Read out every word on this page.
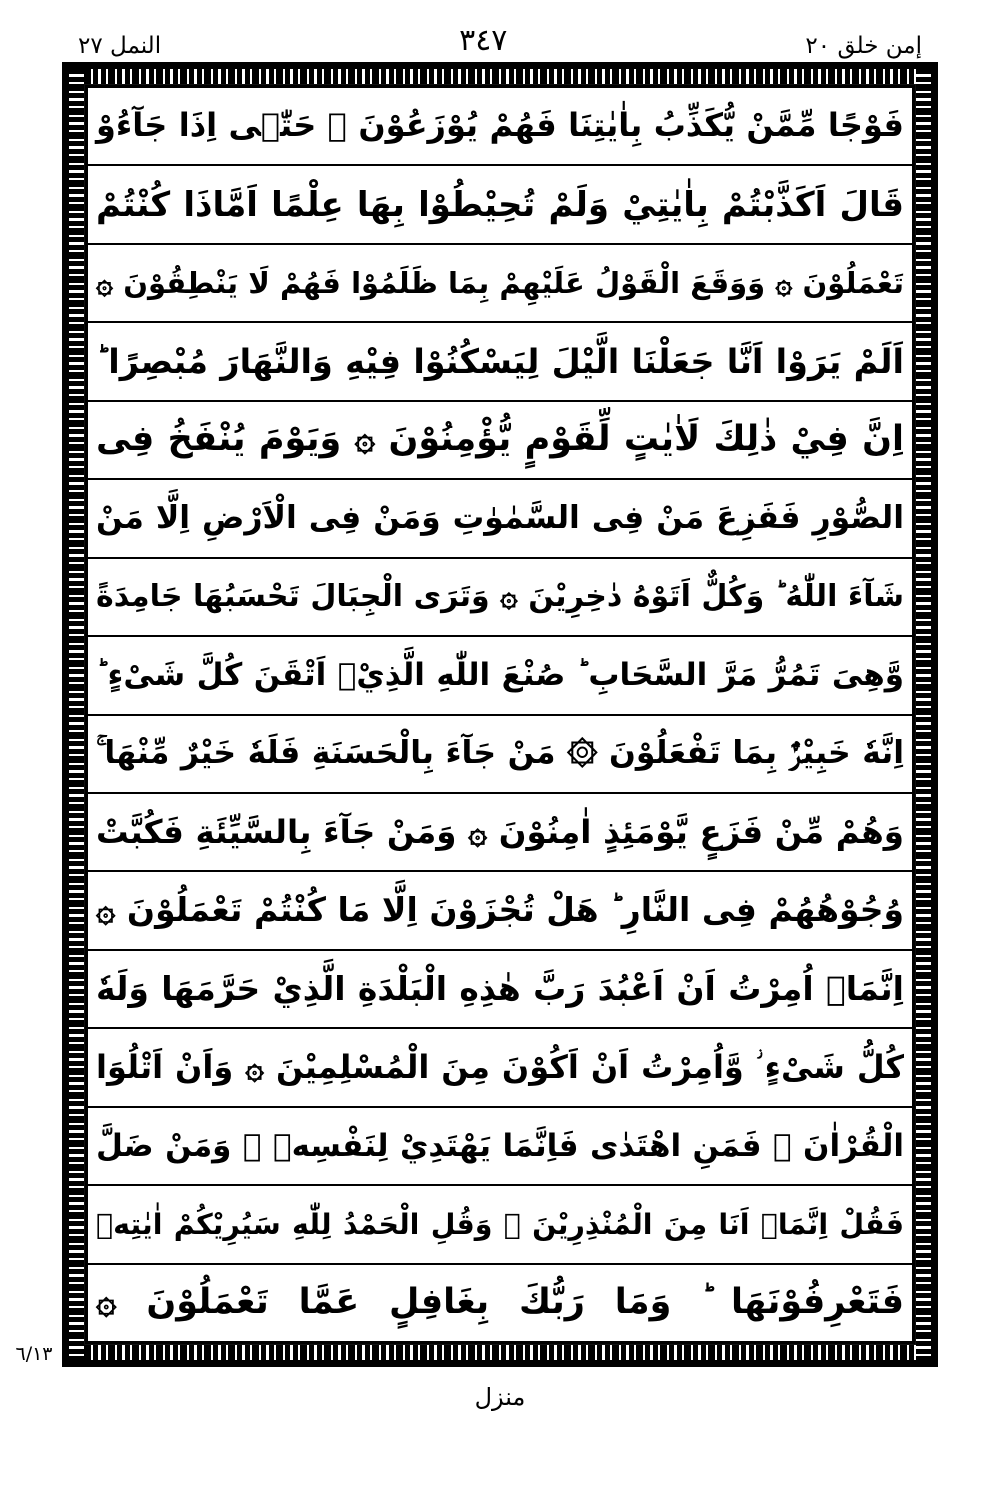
النمل ٢٧	٣٤٧	إمن خلق ٢٠
فَوْجًا مِّمَّنْ يُّكَذِّبُ بِاٰيٰتِنَا فَهُمْ يُوْزَعُوْنَ ۞ حَتّٰۤى اِذَا جَآءُوْ
قَالَ اَكَذَّبْتُمْ بِاٰيٰتِيْ وَلَمْ تُحِيْطُوْا بِهَا عِلْمًا اَمَّاذَا كُنْتُمْ
تَعْمَلُوْنَ ۞ وَوَقَعَ الْقَوْلُ عَلَيْهِمْ بِمَا ظَلَمُوْا فَهُمْ لَا يَنْطِقُوْنَ ۞
اَلَمْ يَرَوْا اَنَّا جَعَلْنَا الَّيْلَ لِيَسْكُنُوْا فِيْهِ وَالنَّهَارَ مُبْصِرًا ؕ
اِنَّ فِيْ ذٰلِكَ لَاٰيٰتٍ لِّقَوْمٍ يُّؤْمِنُوْنَ ۞ وَيَوْمَ يُنْفَخُ فِى
الصُّوْرِ فَفَزِعَ مَنْ فِى السَّمٰوٰتِ وَمَنْ فِى الْاَرْضِ اِلَّا مَنْ
شَآءَ اللّٰهُ ؕ وَكُلٌّ اَتَوْهُ دٰخِرِيْنَ ۞ وَتَرَى الْجِبَالَ تَحْسَبُهَا جَامِدَةً
وَّهِىَ تَمُرُّ مَرَّ السَّحَابِ ؕ صُنْعَ اللّٰهِ الَّذِيْۤ اَتْقَنَ كُلَّ شَىْءٍ ؕ
اِنَّهٗ خَبِيْرٌۢ بِمَا تَفْعَلُوْنَ ۞ مَنْ جَآءَ بِالْحَسَنَةِ فَلَهٗ خَيْرٌ مِّنْهَا ۚ
وَهُمْ مِّنْ فَزَعٍ يَّوْمَئِذٍ اٰمِنُوْنَ ۞ وَمَنْ جَآءَ بِالسَّيِّئَةِ فَكُبَّتْ
وُجُوْهُهُمْ فِى النَّارِ ؕ هَلْ تُجْزَوْنَ اِلَّا مَا كُنْتُمْ تَعْمَلُوْنَ ۞
اِنَّمَاۤ اُمِرْتُ اَنْ اَعْبُدَ رَبَّ هٰذِهِ الْبَلْدَةِ الَّذِيْ حَرَّمَهَا وَلَهٗ
كُلُّ شَىْءٍ ؗ وَّاُمِرْتُ اَنْ اَكُوْنَ مِنَ الْمُسْلِمِيْنَ ۞ وَاَنْ اَتْلُوَا
الْقُرْاٰنَ ۚ فَمَنِ اهْتَدٰى فَاِنَّمَا يَهْتَدِيْ لِنَفْسِهٖ ۚ وَمَنْ ضَلَّ
فَقُلْ اِنَّمَاۤ اَنَا مِنَ الْمُنْذِرِيْنَ ۞ وَقُلِ الْحَمْدُ لِلّٰهِ سَيُرِيْكُمْ اٰيٰتِهٖ
فَتَعْرِفُوْنَهَا ؕ وَمَا رَبُّكَ بِغَافِلٍ عَمَّا تَعْمَلُوْنَ ۞
٦/١٣
منزل
